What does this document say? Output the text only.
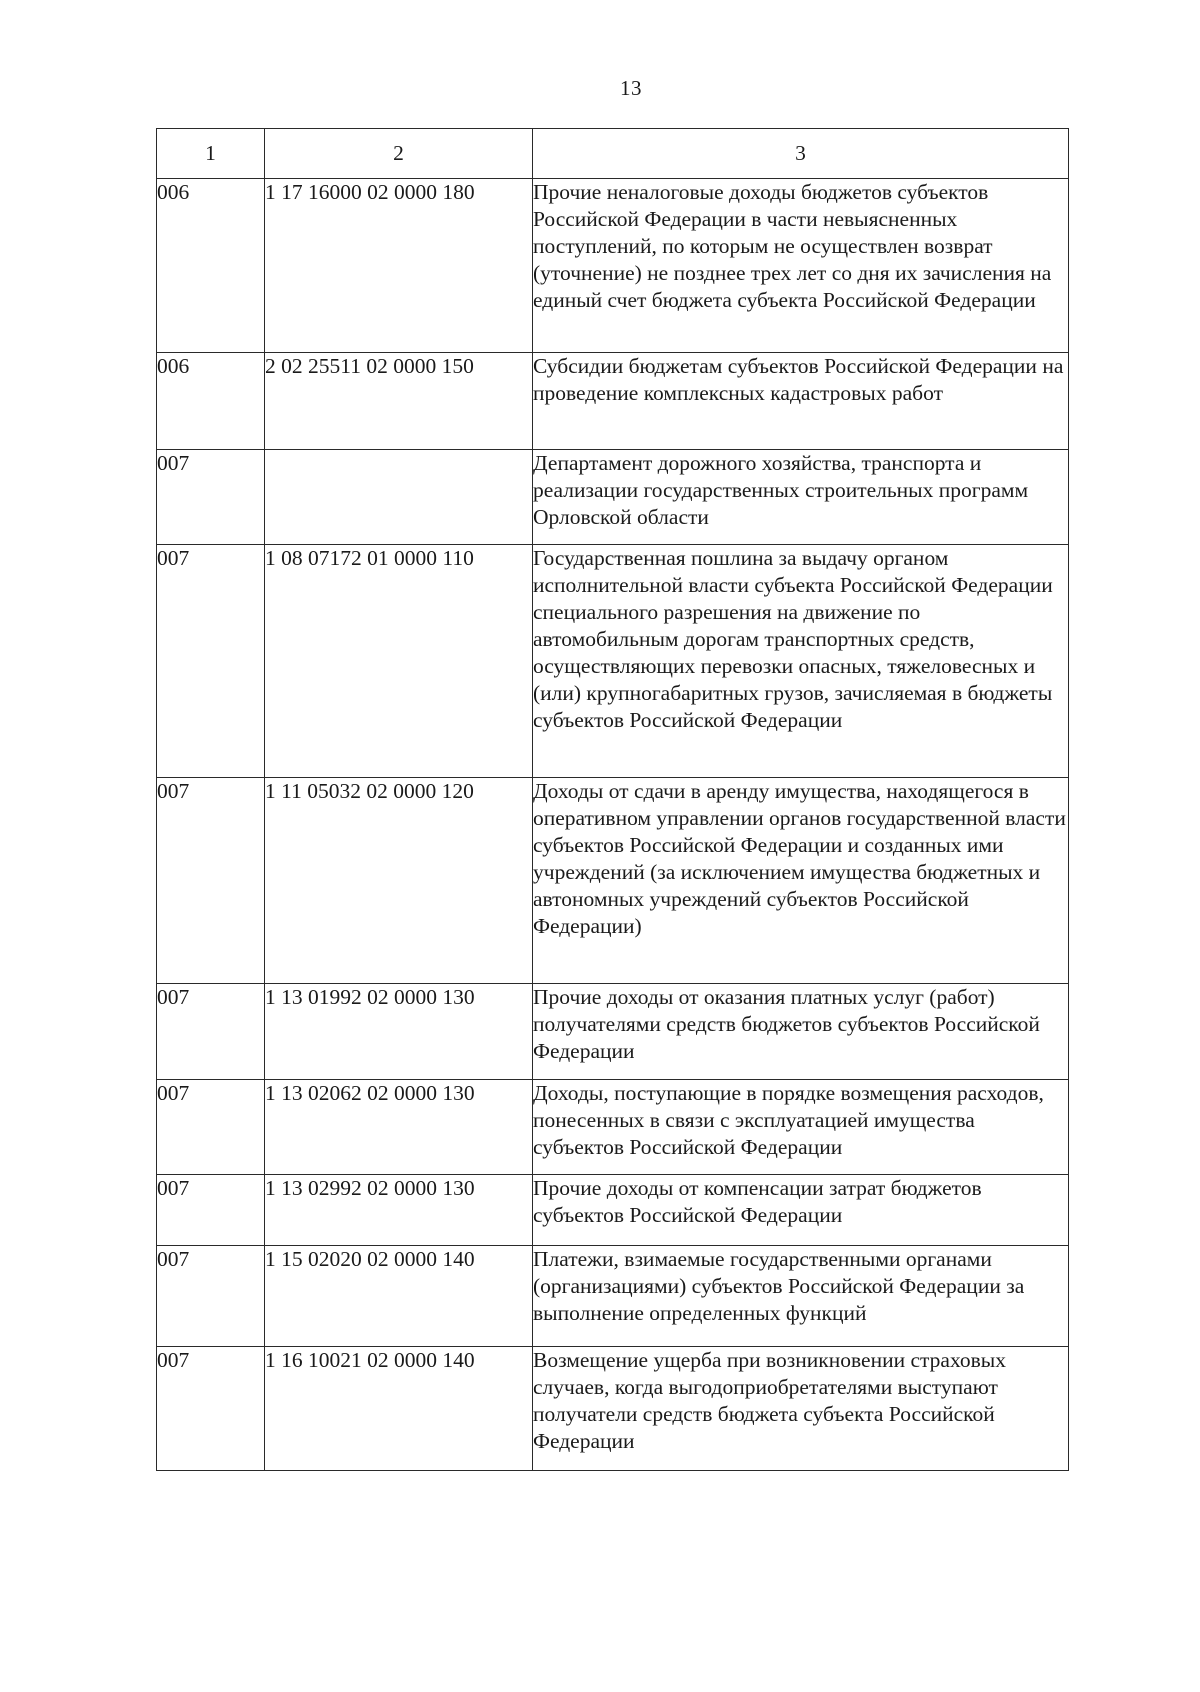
13
1	2	3
006	1 17 16000 02 0000 180	Прочие неналоговые доходы бюджетов субъектов Российской Федерации в части невыясненных поступлений, по которым не осуществлен возврат (уточнение) не позднее трех лет со дня их зачисления на единый счет бюджета субъекта Российской Федерации
006	2 02 25511 02 0000 150	Субсидии бюджетам субъектов Российской Федерации на проведение комплексных кадастровых работ
007		Департамент дорожного хозяйства, транспорта и реализации государственных строительных программ Орловской области
007	1 08 07172 01 0000 110	Государственная пошлина за выдачу органом исполнительной власти субъекта Российской Федерации специального разрешения на движение по автомобильным дорогам транспортных средств, осуществляющих перевозки опасных, тяжеловесных и (или) крупногабаритных грузов, зачисляемая в бюджеты субъектов Российской Федерации
007	1 11 05032 02 0000 120	Доходы от сдачи в аренду имущества, находящегося в оперативном управлении органов государственной власти субъектов Российской Федерации и созданных ими учреждений (за исключением имущества бюджетных и автономных учреждений субъектов Российской Федерации)
007	1 13 01992 02 0000 130	Прочие доходы от оказания платных услуг (работ) получателями средств бюджетов субъектов Российской Федерации
007	1 13 02062 02 0000 130	Доходы, поступающие в порядке возмещения расходов, понесенных в связи с эксплуатацией имущества субъектов Российской Федерации
007	1 13 02992 02 0000 130	Прочие доходы от компенсации затрат бюджетов субъектов Российской Федерации
007	1 15 02020 02 0000 140	Платежи, взимаемые государственными органами (организациями) субъектов Российской Федерации за выполнение определенных функций
007	1 16 10021 02 0000 140	Возмещение ущерба при возникновении страховых случаев, когда выгодоприобретателями выступают получатели средств бюджета субъекта Российской Федерации
